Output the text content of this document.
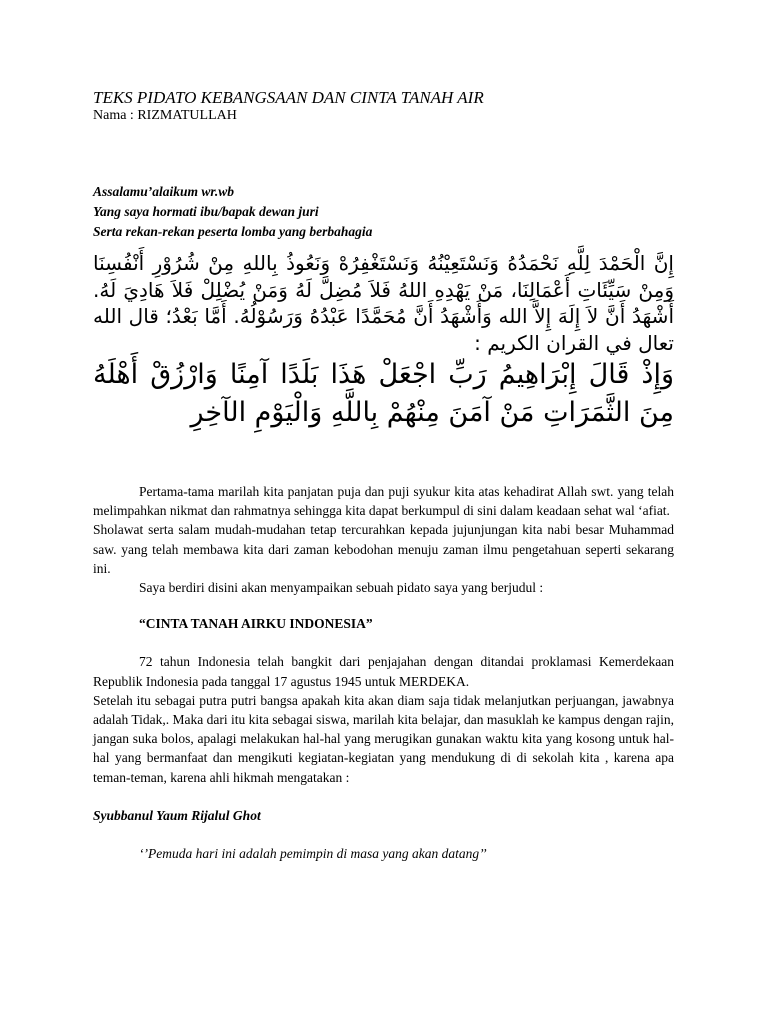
TEKS PIDATO KEBANGSAAN DAN CINTA TANAH AIR
Nama : RIZMATULLAH
Assalamu’alaikum wr.wb
Yang saya hormati ibu/bapak dewan juri
Serta rekan-rekan peserta lomba yang berbahagia
إِنَّ الْحَمْدَ لِلَّهِ نَحْمَدُهُ وَنَسْتَعِيْنُهُ وَنَسْتَغْفِرُهْ وَنَعُوذُ بِاللهِ مِنْ شُرُوْرِ أَنْفُسِنَا وَمِنْ سَيِّئَاتِ أَعْمَالِنَا، مَنْ يَهْدِهِ اللهُ فَلاَ مُضِلَّ لَهُ وَمَنْ يُضْلِلْ فَلاَ هَادِيَ لَهُ. أَشْهَدُ أَنَّ لاَ إِلَهَ إِلاَّ الله وَأَشْهَدُ أَنَّ مُحَمَّدًا عَبْدُهُ وَرَسُوْلُهُ. أَمَّا بَعْدُ؛ قال الله تعال في القران الكريم :
وَإِذْ قَالَ إِبْرَاهِيمُ رَبِّ اجْعَلْ هَذَا بَلَدًا آمِنًا وَارْزُقْ أَهْلَهُ مِنَ الثَّمَرَاتِ مَنْ آمَنَ مِنْهُمْ بِاللَّهِ وَالْيَوْمِ الآخِرِ

Pertama-tama marilah kita panjatan puja dan puji syukur kita atas kehadirat Allah swt. yang telah melimpahkan nikmat dan rahmatnya sehingga kita dapat berkumpul di sini dalam keadaan sehat wal ‘afiat.

Sholawat serta salam mudah-mudahan tetap tercurahkan kepada jujunjungan kita nabi besar Muhammad saw. yang telah membawa kita dari zaman kebodohan menuju zaman ilmu pengetahuan seperti sekarang ini.

Saya berdiri disini akan menyampaikan sebuah pidato saya yang berjudul :

“CINTA TANAH AIRKU INDONESIA”

72 tahun Indonesia telah bangkit dari penjajahan dengan ditandai proklamasi Kemerdekaan Republik Indonesia pada tanggal 17 agustus 1945 untuk MERDEKA.

Setelah itu sebagai putra putri bangsa apakah kita akan diam saja tidak melanjutkan perjuangan, jawabnya adalah Tidak,. Maka dari itu kita sebagai siswa, marilah kita belajar, dan masuklah ke kampus dengan rajin, jangan suka bolos, apalagi melakukan hal-hal yang merugikan gunakan waktu kita yang kosong untuk hal-hal yang bermanfaat dan mengikuti kegiatan-kegiatan yang mendukung di di sekolah kita , karena apa teman-teman, karena ahli hikmah mengatakan :

Syubbanul Yaum Rijalul Ghot

‘’Pemuda hari ini adalah pemimpin di masa yang akan datang’’
